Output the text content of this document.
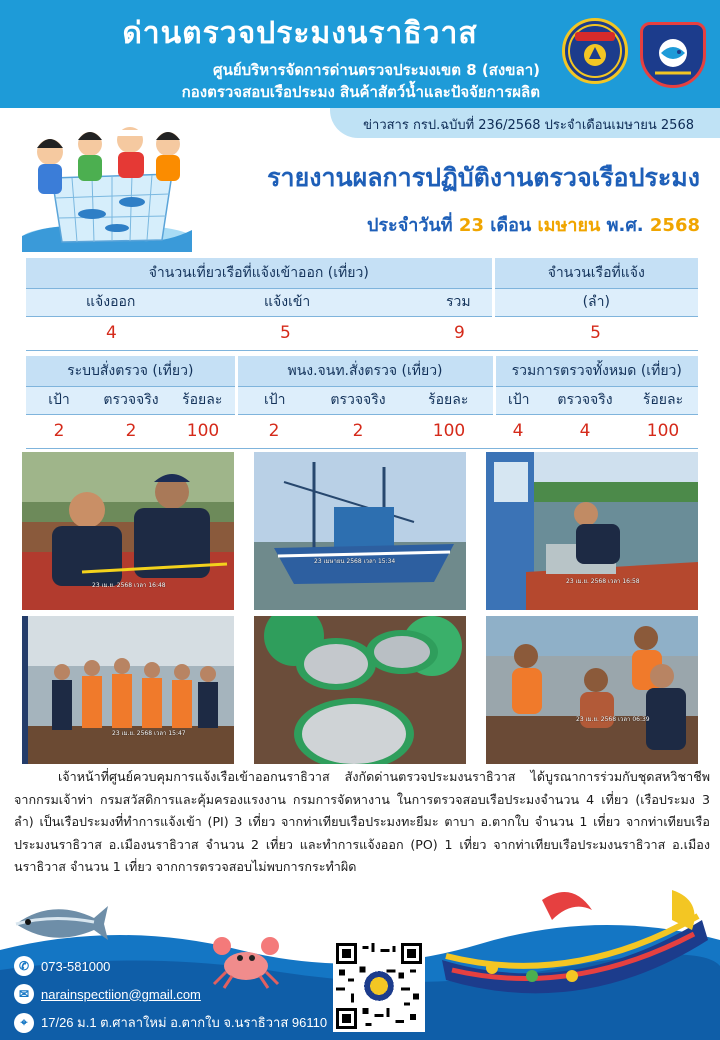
ด่านตรวจประมงนราธิวาส
ศูนย์บริหารจัดการด่านตรวจประมงเขต 8 (สงขลา)
กองตรวจสอบเรือประมง สินค้าสัตว์น้ำและปัจจัยการผลิต
ข่าวสาร กรป.ฉบับที่ 236/2568 ประจำเดือนเมษายน 2568
รายงานผลการปฏิบัติงานตรวจเรือประมง
ประจำวันที่ 23 เดือน เมษายน พ.ศ. 2568
จำนวนเที่ยวเรือที่แจ้งเข้าออก (เที่ยว)			จำนวนเรือที่แจ้ง
แจ้งออก	แจ้งเข้า	รวม	(ลำ)
4	5	9	5
ระบบสั่งตรวจ (เที่ยว)			พนง.จนท.สั่งตรวจ (เที่ยว)			รวมการตรวจทั้งหมด (เที่ยว)		
เป้า	ตรวจจริง	ร้อยละ	เป้า	ตรวจจริง	ร้อยละ	เป้า	ตรวจจริง	ร้อยละ
2	2	100	2	2	100	4	4	100
23 เม.ย. 2568 เวลา 16:48
23 เมษายน 2568 เวลา 15:34
23 เม.ย. 2568 เวลา 16:58
23 เม.ย. 2568 เวลา 15:47
23 เม.ย. 2568 เวลา 06:39
เจ้าหน้าที่ศูนย์ควบคุมการแจ้งเรือเข้าออกนราธิวาส สังกัดด่านตรวจประมงนราธิวาส ได้บูรณาการร่วมกับชุดสหวิชาชีพจากกรมเจ้าท่า กรมสวัสดิการและคุ้มครองแรงงาน กรมการจัดหางาน ในการตรวจสอบเรือประมงจำนวน 4 เที่ยว (เรือประมง 3 ลำ) เป็นเรือประมงที่ทำการแจ้งเข้า (PI) 3 เที่ยว จากท่าเทียบเรือประมงทะยีมะ ตาบา อ.ตากใบ จำนวน 1 เที่ยว จากท่าเทียบเรือประมงนราธิวาส อ.เมืองนราธิวาส จำนวน 2 เที่ยว และทำการแจ้งออก (PO) 1 เที่ยว จากท่าเทียบเรือประมงนราธิวาส อ.เมืองนราธิวาส จำนวน 1 เที่ยว จากการตรวจสอบไม่พบการกระทำผิด
✆ 073-581000
✉ narainspectiion@gmail.com
⌖	17/26 ม.1 ต.ศาลาใหม่ อ.ตากใบ จ.นราธิวาส 96110
